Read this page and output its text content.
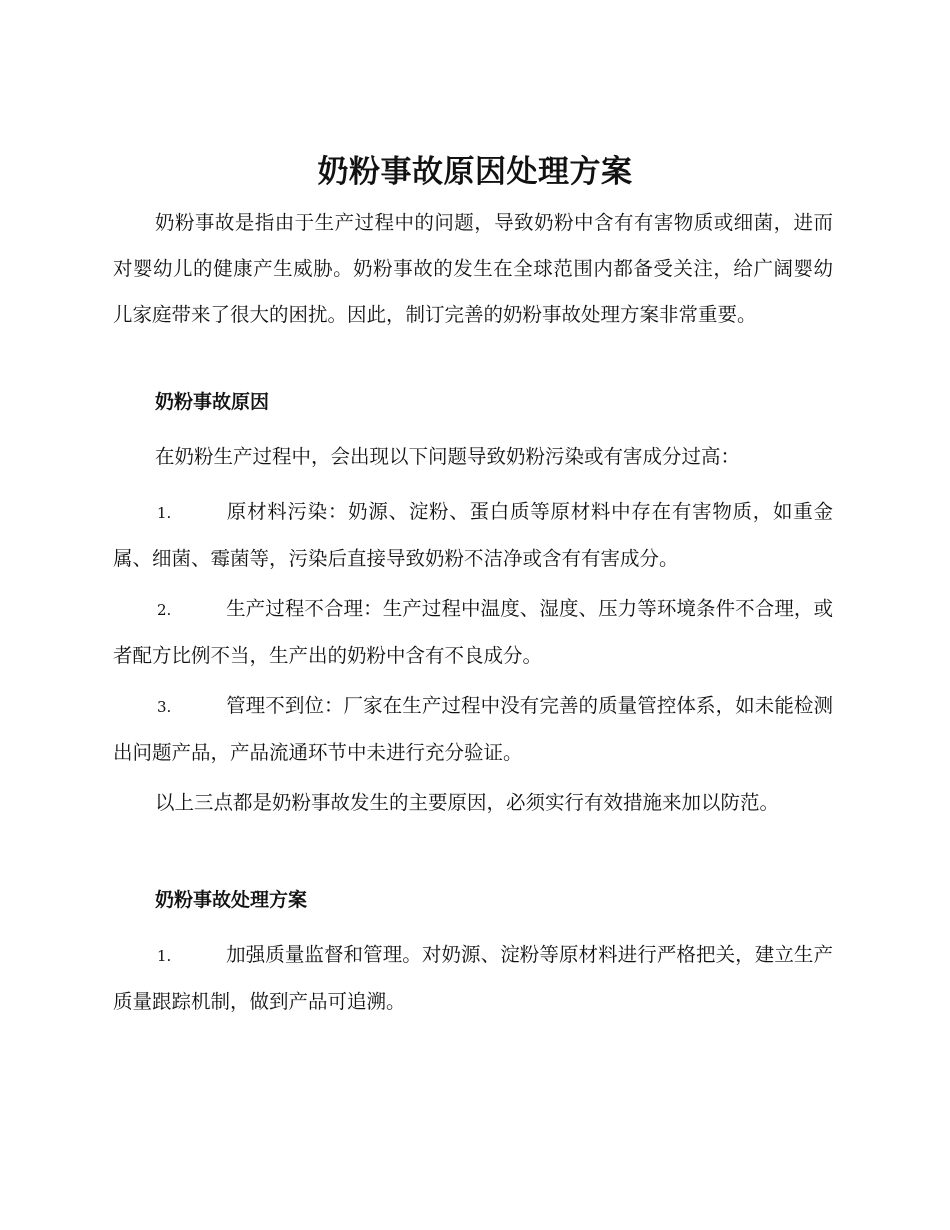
奶粉事故原因处理方案
奶粉事故是指由于生产过程中的问题，导致奶粉中含有有害物质或细菌，进而对婴幼儿的健康产生威胁。奶粉事故的发生在全球范围内都备受关注，给广阔婴幼儿家庭带来了很大的困扰。因此，制订完善的奶粉事故处理方案非常重要。
奶粉事故原因
在奶粉生产过程中，会出现以下问题导致奶粉污染或有害成分过高：
1.	原材料污染：奶源、淀粉、蛋白质等原材料中存在有害物质，如重金属、细菌、霉菌等，污染后直接导致奶粉不洁净或含有有害成分。
2.	生产过程不合理：生产过程中温度、湿度、压力等环境条件不合理，或者配方比例不当，生产出的奶粉中含有不良成分。
3.	管理不到位：厂家在生产过程中没有完善的质量管控体系，如未能检测出问题产品，产品流通环节中未进行充分验证。
以上三点都是奶粉事故发生的主要原因，必须实行有效措施来加以防范。
奶粉事故处理方案
1.	加强质量监督和管理。对奶源、淀粉等原材料进行严格把关，建立生产质量跟踪机制，做到产品可追溯。
